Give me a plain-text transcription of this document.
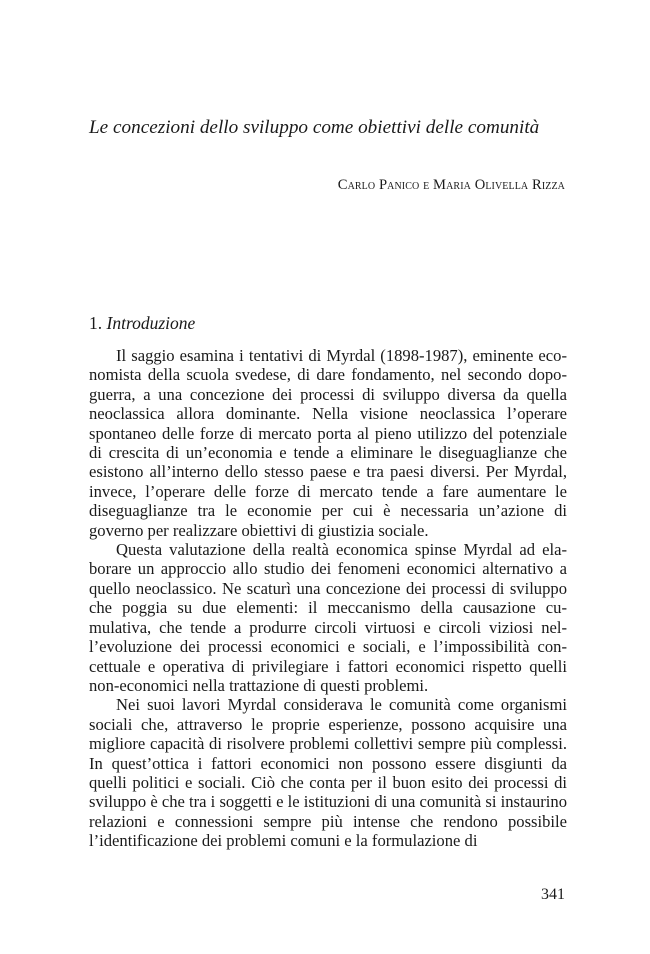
Le concezioni dello sviluppo come obiettivi delle comunità
Carlo Panico e Maria Olivella Rizza
1. Introduzione

Il saggio esamina i tentativi di Myrdal (1898-1987), eminente economista della scuola svedese, di dare fondamento, nel secondo dopoguerra, a una concezione dei processi di sviluppo diversa da quella neoclassica allora dominante. Nella visione neoclassica l’operare spontaneo delle forze di mercato porta al pieno utilizzo del potenziale di crescita di un’economia e tende a eliminare le diseguaglianze che esistono all’interno dello stesso paese e tra paesi diversi. Per Myrdal, invece, l’operare delle forze di mercato tende a fare aumentare le diseguaglianze tra le economie per cui è necessaria un’azione di governo per realizzare obiettivi di giustizia sociale.

Questa valutazione della realtà economica spinse Myrdal ad elaborare un approccio allo studio dei fenomeni economici alternativo a quello neoclassico. Ne scaturì una concezione dei processi di sviluppo che poggia su due elementi: il meccanismo della causazione cumulativa, che tende a produrre circoli virtuosi e circoli viziosi nell’evoluzione dei processi economici e sociali, e l’impossibilità concettuale e operativa di privilegiare i fattori economici rispetto quelli non-economici nella trattazione di questi problemi.

Nei suoi lavori Myrdal considerava le comunità come organismi sociali che, attraverso le proprie esperienze, possono acquisire una migliore capacità di risolvere problemi collettivi sempre più complessi. In quest’ottica i fattori economici non possono essere disgiunti da quelli politici e sociali. Ciò che conta per il buon esito dei processi di sviluppo è che tra i soggetti e le istituzioni di una comunità si instaurino relazioni e connessioni sempre più intense che rendono possibile l’identificazione dei problemi comuni e la formulazione di

341
